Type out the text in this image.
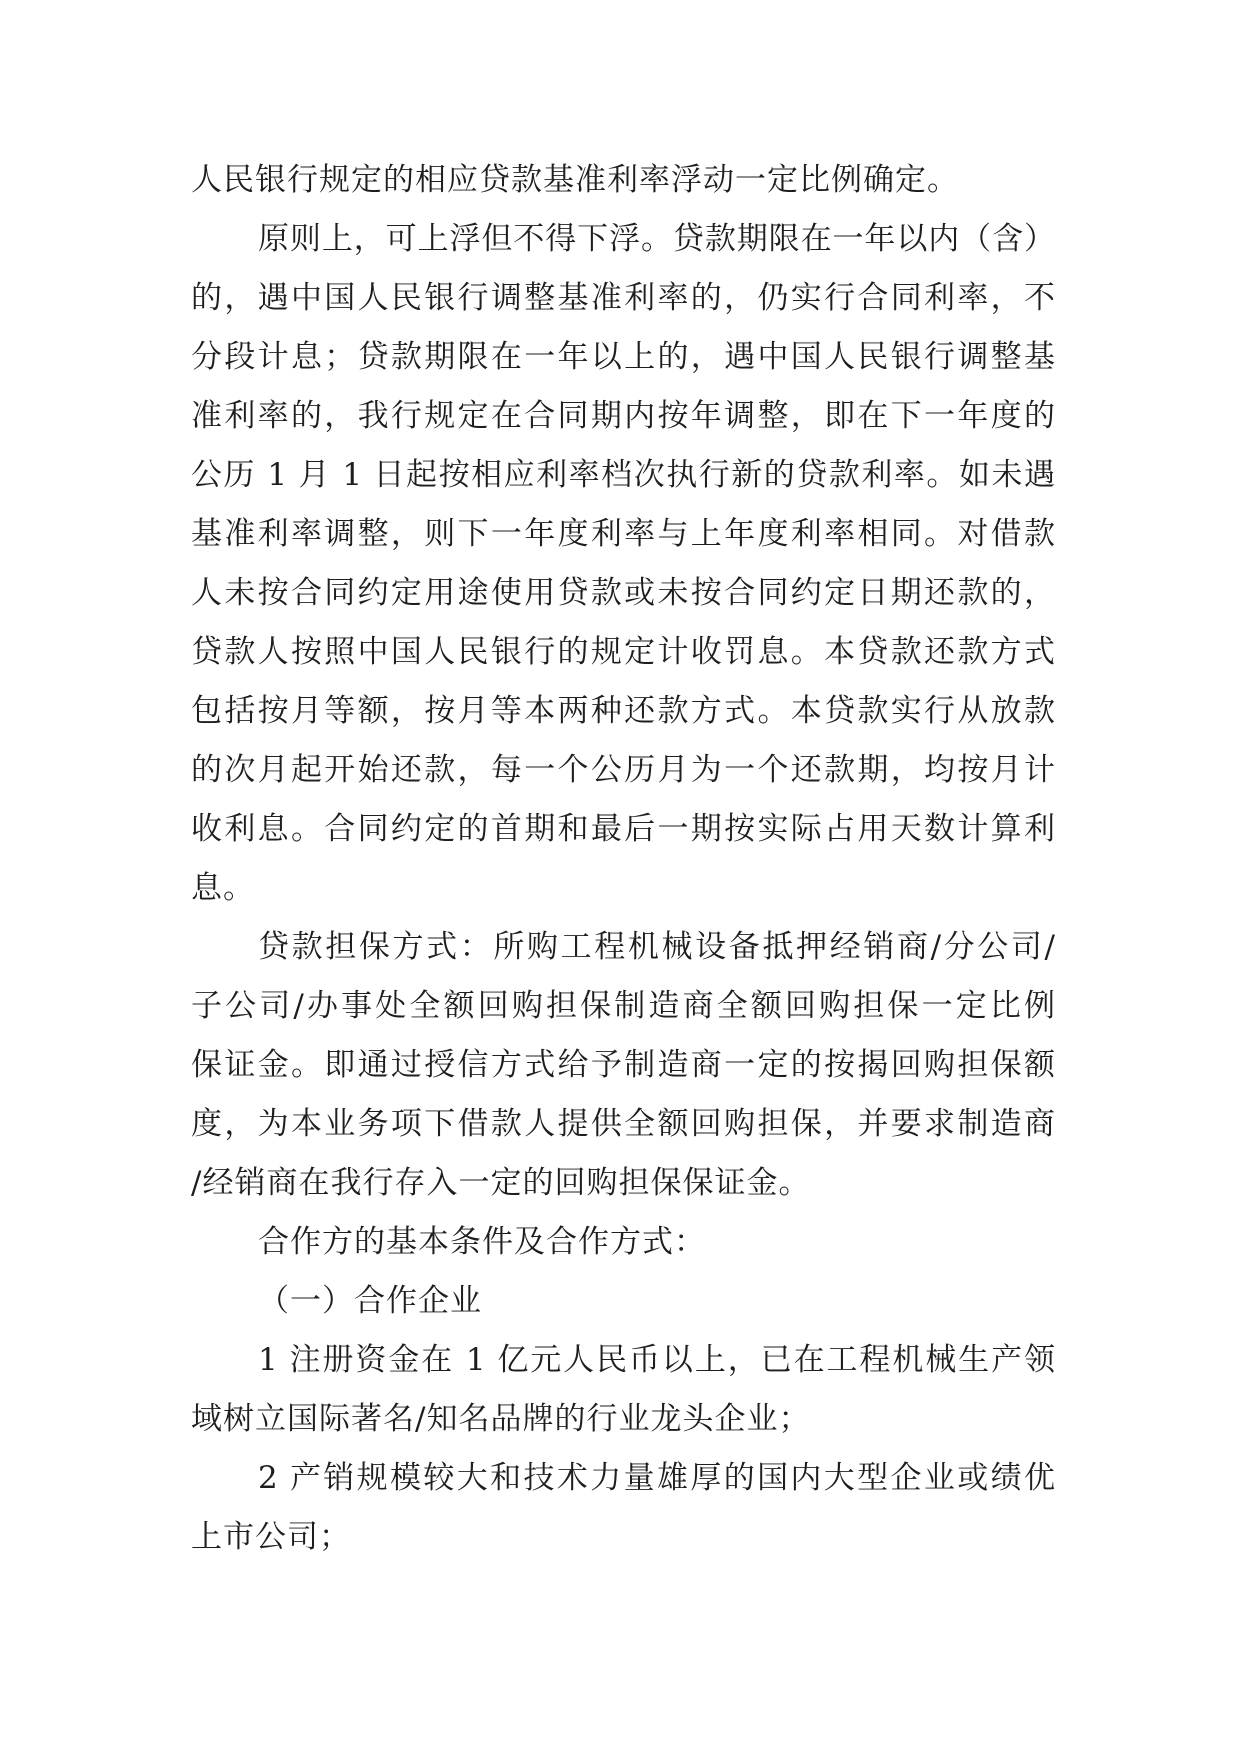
人民银行规定的相应贷款基准利率浮动一定比例确定。
原则上，可上浮但不得下浮。贷款期限在一年以内（含）
的，遇中国人民银行调整基准利率的，仍实行合同利率，不
分段计息；贷款期限在一年以上的，遇中国人民银行调整基
准利率的，我行规定在合同期内按年调整，即在下一年度的
公历 1 月 1 日起按相应利率档次执行新的贷款利率。如未遇
基准利率调整，则下一年度利率与上年度利率相同。对借款
人未按合同约定用途使用贷款或未按合同约定日期还款的，
贷款人按照中国人民银行的规定计收罚息。本贷款还款方式
包括按月等额，按月等本两种还款方式。本贷款实行从放款
的次月起开始还款，每一个公历月为一个还款期，均按月计
收利息。合同约定的首期和最后一期按实际占用天数计算利
息。
贷款担保方式：所购工程机械设备抵押经销商/分公司/
子公司/办事处全额回购担保制造商全额回购担保一定比例
保证金。即通过授信方式给予制造商一定的按揭回购担保额
度，为本业务项下借款人提供全额回购担保，并要求制造商
/经销商在我行存入一定的回购担保保证金。
合作方的基本条件及合作方式：
（一）合作企业
1 注册资金在 1 亿元人民币以上，已在工程机械生产领
域树立国际著名/知名品牌的行业龙头企业；
2 产销规模较大和技术力量雄厚的国内大型企业或绩优
上市公司；
